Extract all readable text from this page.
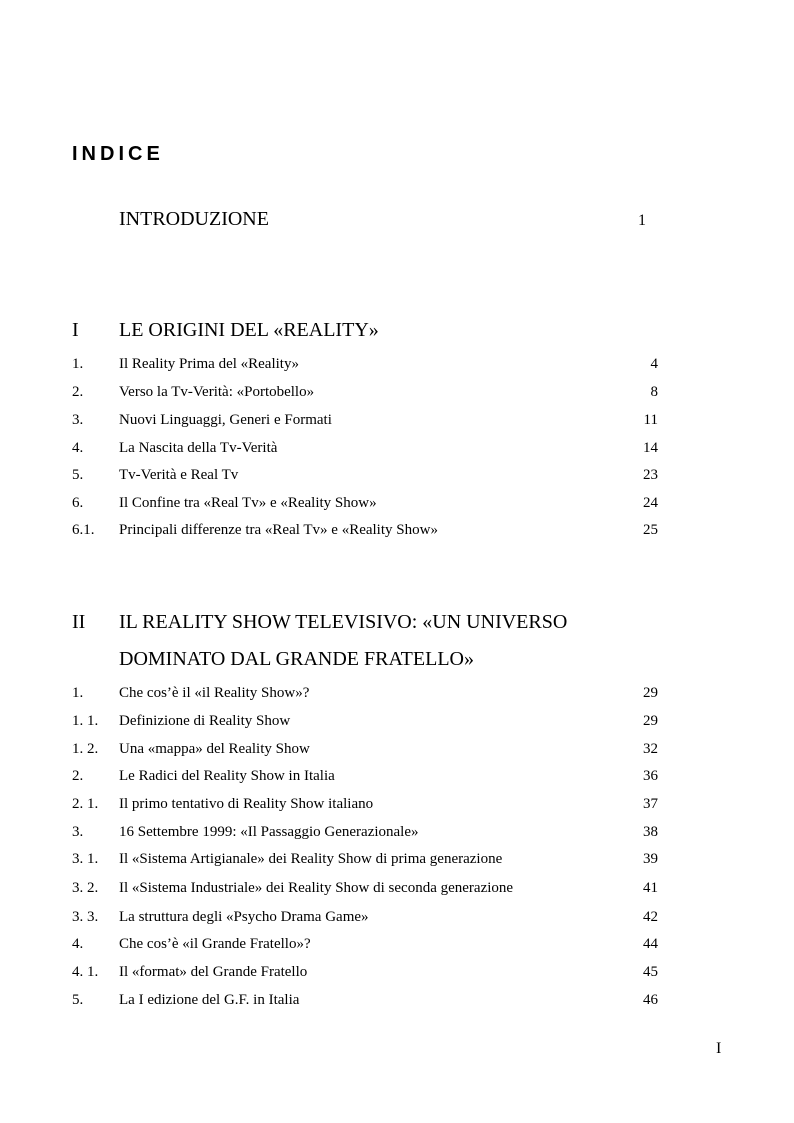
INDICE
INTRODUZIONE	1
I LE ORIGINI DEL «REALITY»
1. Il Reality Prima del «Reality»	4
2. Verso la Tv-Verità: «Portobello»	8
3. Nuovi Linguaggi, Generi e Formati	11
4. La Nascita della Tv-Verità	14
5. Tv-Verità e Real Tv	23
6. Il Confine tra «Real Tv» e «Reality Show»	24
6.1. Principali differenze tra «Real Tv» e «Reality Show»	25
II IL REALITY SHOW TELEVISIVO: «UN UNIVERSO
DOMINATO DAL GRANDE FRATELLO»
1. Che cos’è il «il Reality Show»?	29
1. 1. Definizione di Reality Show	29
1. 2. Una «mappa» del Reality Show	32
2. Le Radici del Reality Show in Italia	36
2. 1. Il primo tentativo di Reality Show italiano	37
3. 16 Settembre 1999: «Il Passaggio Generazionale»	38
3. 1. Il «Sistema Artigianale» dei Reality Show di prima generazione	39
3. 2. Il «Sistema Industriale» dei Reality Show di seconda generazione	41
3. 3. La struttura degli «Psycho Drama Game»	42
4. Che cos’è «il Grande Fratello»?	44
4. 1. Il «format» del Grande Fratello	45
5. La I edizione del G.F. in Italia	46
I
